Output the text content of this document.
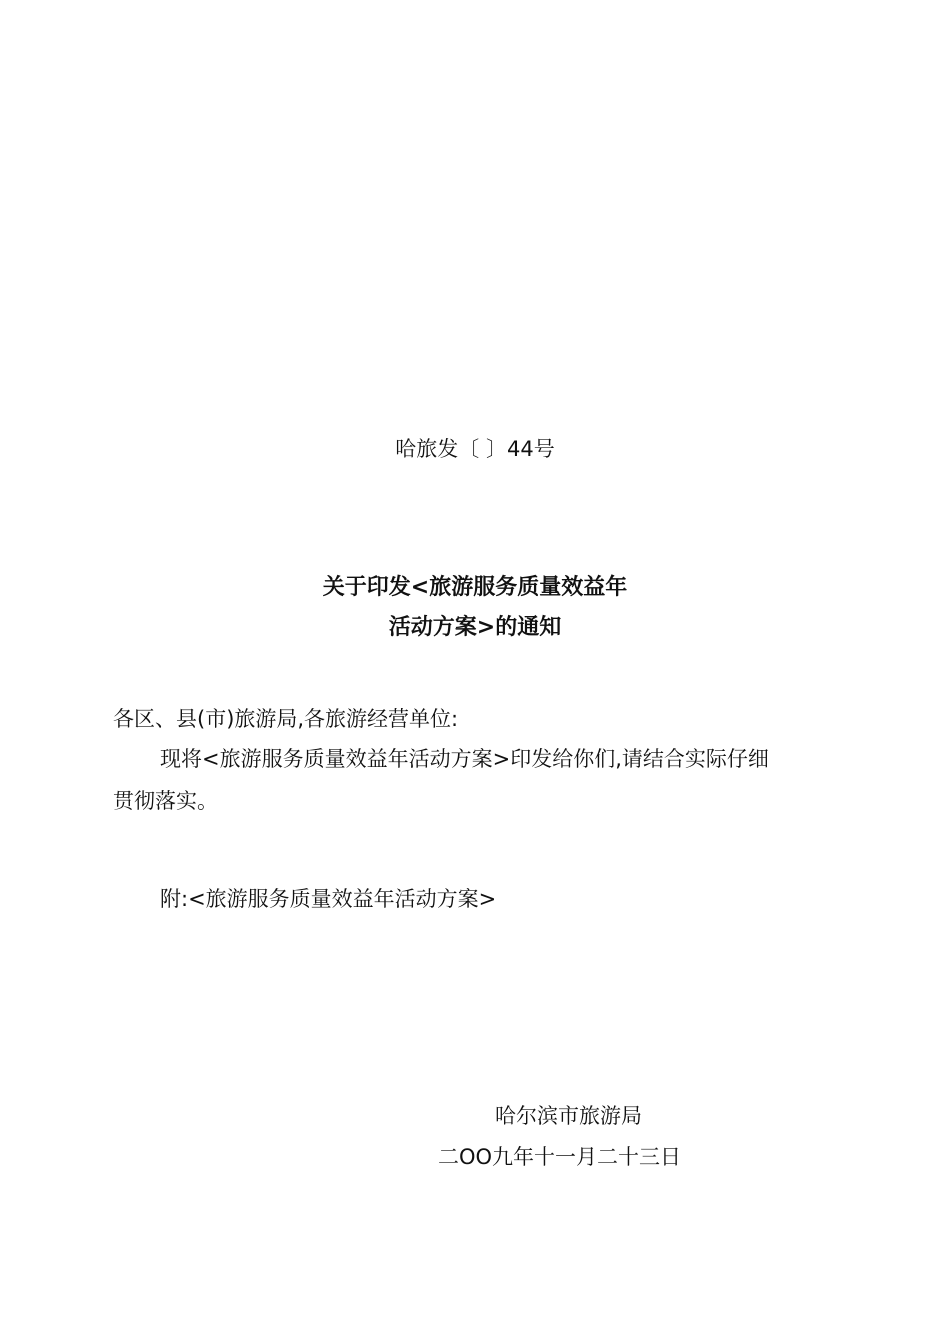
哈旅发〔 〕44号
关于印发<旅游服务质量效益年
活动方案>的通知
各区、县(市)旅游局,各旅游经营单位:
现将<旅游服务质量效益年活动方案>印发给你们,请结合实际仔细
贯彻落实。
附:<旅游服务质量效益年活动方案>
哈尔滨市旅游局
二OO九年十一月二十三日
